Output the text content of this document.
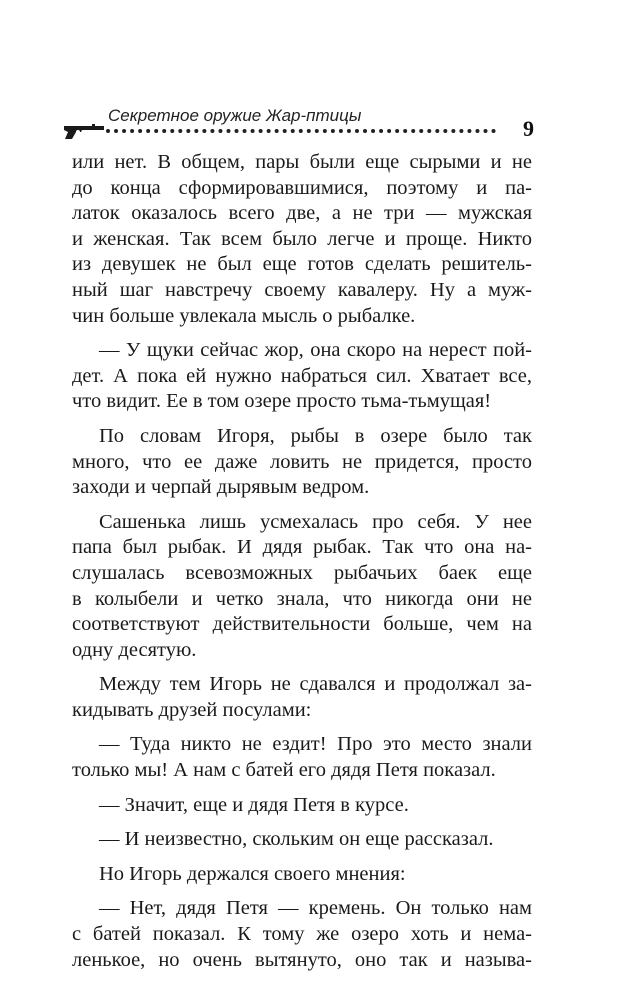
Секретное оружие Жар-птицы
9

или нет. В общем, пары были еще сырыми и не
до конца сформировавшимися, поэтому и па-
латок оказалось всего две, а не три — мужская
и женская. Так всем было легче и проще. Никто
из девушек не был еще готов сделать решитель-
ный шаг навстречу своему кавалеру. Ну а муж-
чин больше увлекала мысль о рыбалке.

— У щуки сейчас жор, она скоро на нерест пой-
дет. А пока ей нужно набраться сил. Хватает все,
что видит. Ее в том озере просто тьма-тьмущая!

По словам Игоря, рыбы в озере было так
много, что ее даже ловить не придется, просто
заходи и черпай дырявым ведром.

Сашенька лишь усмехалась про себя. У нее
папа был рыбак. И дядя рыбак. Так что она на-
слушалась всевозможных рыбачьих баек еще
в колыбели и четко знала, что никогда они не
соответствуют действительности больше, чем на
одну десятую.

Между тем Игорь не сдавался и продолжал за-
кидывать друзей посулами:

— Туда никто не ездит! Про это место знали
только мы! А нам с батей его дядя Петя показал.

— Значит, еще и дядя Петя в курсе.

— И неизвестно, скольким он еще рассказал.

Но Игорь держался своего мнения:

— Нет, дядя Петя — кремень. Он только нам
с батей показал. К тому же озеро хоть и нема-
ленькое, но очень вытянуто, оно так и называ-
